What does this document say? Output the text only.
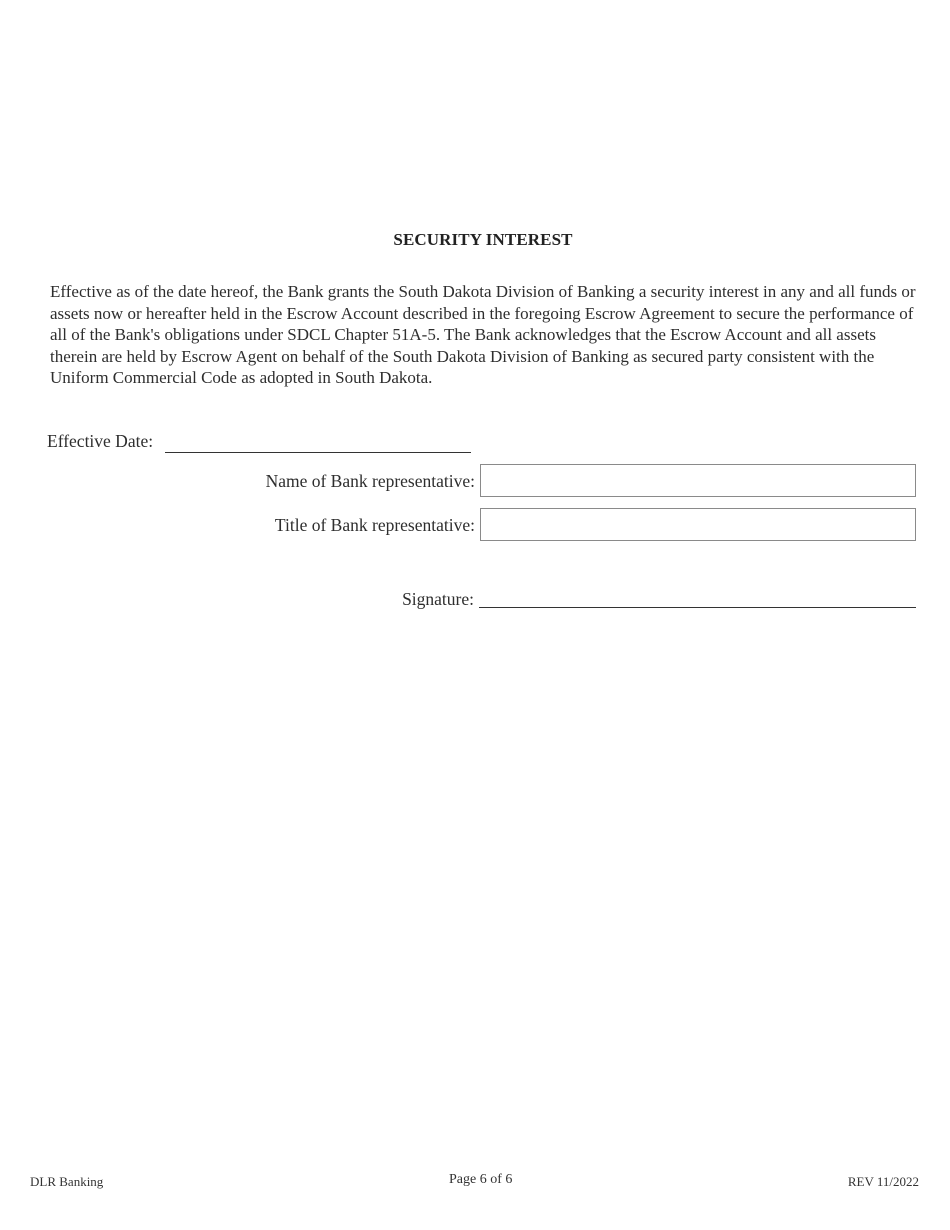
SECURITY INTEREST
Effective as of the date hereof, the Bank grants the South Dakota Division of Banking a security interest in any and all funds or assets now or hereafter held in the Escrow Account described in the foregoing Escrow Agreement to secure the performance of all of the Bank's obligations under SDCL Chapter 51A-5. The Bank acknowledges that the Escrow Account and all assets therein are held by Escrow Agent on behalf of the South Dakota Division of Banking as secured party consistent with the Uniform Commercial Code as adopted in South Dakota.
Effective Date:
Name of Bank representative:
Title of Bank representative:
Signature:
DLR Banking	Page 6 of 6	REV 11/2022
